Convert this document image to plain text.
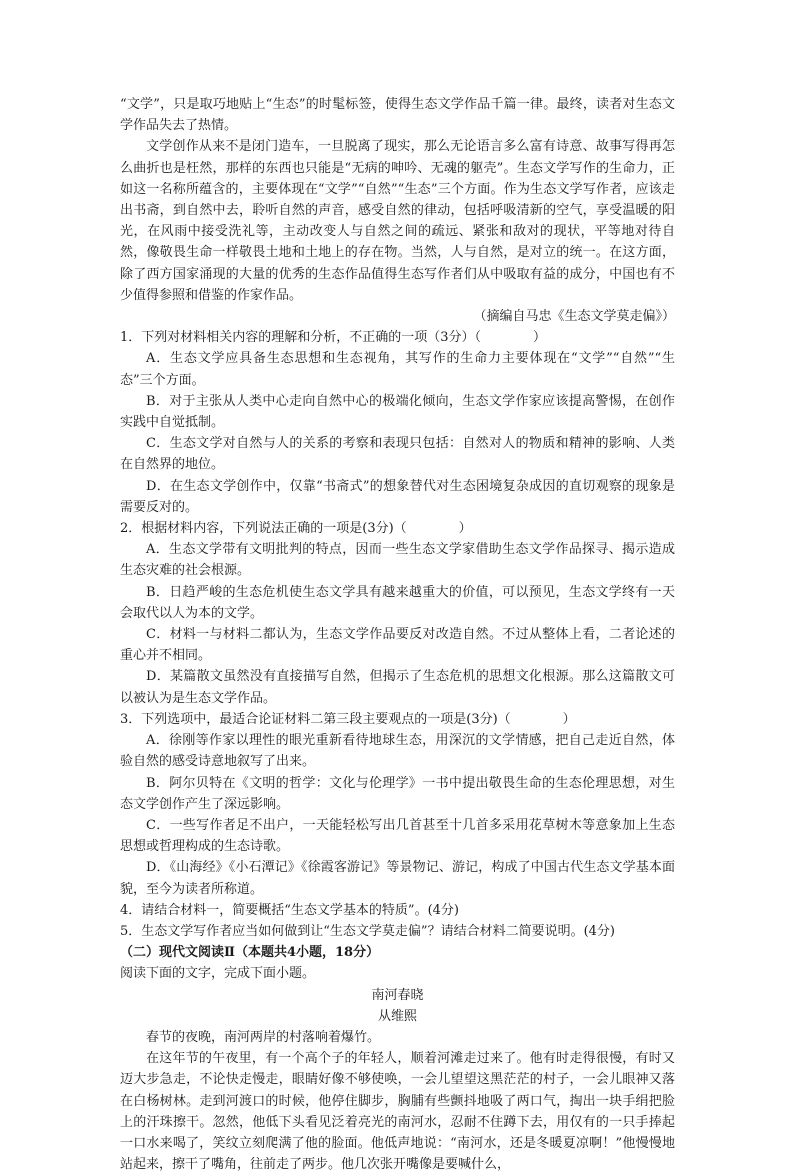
“文学”，只是取巧地贴上“生态”的时髦标签，使得生态文学作品千篇一律。最终，读者对生态文学作品失去了热情。

文学创作从来不是闭门造车，一旦脱离了现实，那么无论语言多么富有诗意、故事写得再怎么曲折也是枉然，那样的东西也只能是“无病的呻吟、无魂的躯壳”。生态文学写作的生命力，正如这一名称所蕴含的，主要体现在“文学”“自然”“生态”三个方面。作为生态文学写作者，应该走出书斋，到自然中去，聆听自然的声音，感受自然的律动，包括呼吸清新的空气，享受温暖的阳光，在风雨中接受洗礼等，主动改变人与自然之间的疏远、紧张和敌对的现状，平等地对待自然，像敬畏生命一样敬畏土地和土地上的存在物。当然，人与自然，是对立的统一。在这方面，除了西方国家涌现的大量的优秀的生态作品值得生态写作者们从中吸取有益的成分，中国也有不少值得参照和借鉴的作家作品。

（摘编自马忠《生态文学莫走偏》）

1．下列对材料相关内容的理解和分析，不正确的一项（3分）（　　　　）

A．生态文学应具备生态思想和生态视角，其写作的生命力主要体现在“文学”“自然”“生态”三个方面。

B．对于主张从人类中心走向自然中心的极端化倾向，生态文学作家应该提高警惕，在创作实践中自觉抵制。

C．生态文学对自然与人的关系的考察和表现只包括：自然对人的物质和精神的影响、人类在自然界的地位。

D．在生态文学创作中，仅靠“书斋式”的想象替代对生态困境复杂成因的直切观察的现象是需要反对的。

2．根据材料内容，下列说法正确的一项是(3分)（　　　　）

A．生态文学带有文明批判的特点，因而一些生态文学家借助生态文学作品探寻、揭示造成生态灾难的社会根源。

B．日趋严峻的生态危机使生态文学具有越来越重大的价值，可以预见，生态文学终有一天会取代以人为本的文学。

C．材料一与材料二都认为，生态文学作品要反对改造自然。不过从整体上看，二者论述的重心并不相同。

D．某篇散文虽然没有直接描写自然，但揭示了生态危机的思想文化根源。那么这篇散文可以被认为是生态文学作品。

3．下列选项中，最适合论证材料二第三段主要观点的一项是(3分)（　　　　）

A．徐刚等作家以理性的眼光重新看待地球生态，用深沉的文学情感，把自己走近自然，体验自然的感受诗意地叙写了出来。

B．阿尔贝特在《文明的哲学：文化与伦理学》一书中提出敬畏生命的生态伦理思想，对生态文学创作产生了深远影响。

C．一些写作者足不出户，一天能轻松写出几首甚至十几首多采用花草树木等意象加上生态思想或哲理构成的生态诗歌。

D．《山海经》《小石潭记》《徐霞客游记》等景物记、游记，构成了中国古代生态文学基本面貌，至今为读者所称道。

4．请结合材料一，简要概括“生态文学基本的特质”。(4分)

5．生态文学写作者应当如何做到让“生态文学莫走偏”？请结合材料二简要说明。(4分)

（二）现代文阅读Ⅱ（本题共4小题，18分）

阅读下面的文字，完成下面小题。

南河春晓

从维熙

春节的夜晚，南河两岸的村落响着爆竹。

在这年节的午夜里，有一个高个子的年轻人，顺着河滩走过来了。他有时走得很慢，有时又迈大步急走，不论快走慢走，眼睛好像不够使唤，一会儿望望这黑茫茫的村子，一会儿眼神又落在白杨树林。走到河渡口的时候，他停住脚步，胸脯有些颤抖地吸了两口气，掏出一块手绢把脸上的汗珠擦干。忽然，他低下头看见泛着亮光的南河水，忍耐不住蹲下去，用仅有的一只手捧起一口水来喝了，笑纹立刻爬满了他的脸面。他低声地说：“南河水，还是冬暖夏凉啊！”他慢慢地站起来，擦干了嘴角，往前走了两步。他几次张开嘴像是要喊什么，
